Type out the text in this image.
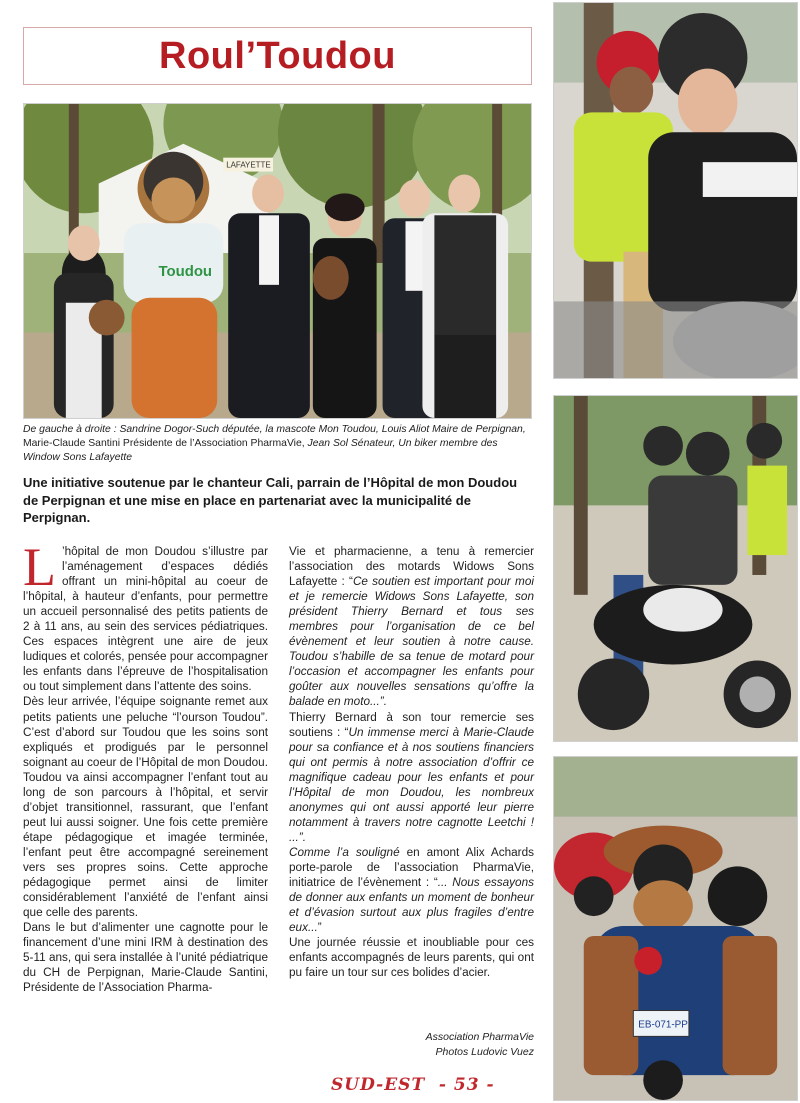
Roul’Toudou
LAFAYETTE
Toudou
EB-071-PP
De gauche à droite : Sandrine Dogor-Such députée, la mascote Mon Toudou, Louis Aliot Maire de Perpignan, Marie-Claude Santini Présidente de l’Association PharmaVie, Jean Sol Sénateur, Un biker membre des Window Sons Lafayette
Une initiative soutenue par le chanteur Cali, parrain de l’Hôpital de mon Doudou de Perpignan et une mise en place en partenariat avec la municipalité de Perpignan.

L ’hôpital de mon Doudou s’illustre par l’aménagement d’espaces dédiés offrant un mini-hôpital au coeur de l’hôpital, à hauteur d’enfants, pour permettre un accueil personnalisé des petits patients de 2 à 11 ans, au sein des services pédiatriques. Ces espaces intègrent une aire de jeux ludiques et colorés, pensée pour accompagner les enfants dans l’épreuve de l’hospitalisation ou tout simplement dans l’attente des soins.

Dès leur arrivée, l’équipe soignante remet aux petits patients une peluche “l’ourson Toudou”. C’est d’abord sur Toudou que les soins sont expliqués et prodigués par le personnel soignant au coeur de l’Hôpital de mon Doudou. Toudou va ainsi accompagner l’enfant tout au long de son parcours à l’hôpital, et servir d’objet transitionnel, rassurant, que l’enfant peut lui aussi soigner. Une fois cette première étape pédagogique et imagée terminée, l’enfant peut être accompagné sereinement vers ses propres soins. Cette approche pédagogique permet ainsi de limiter considérablement l’anxiété de l’enfant ainsi que celle des parents.

Dans le but d’alimenter une cagnotte pour le financement d’une mini IRM à destination des 5-11 ans, qui sera installée à l’unité pédiatrique du CH de Perpignan, Marie-Claude Santini, Présidente de l’Association Pharma-

Vie et pharmacienne, a tenu à remercier l’association des motards Widows Sons Lafayette : “Ce soutien est important pour moi et je remercie Widows Sons Lafayette, son président Thierry Bernard et tous ses membres pour l’organisation de ce bel évènement et leur soutien à notre cause. Toudou s’habille de sa tenue de motard pour l’occasion et accompagner les enfants pour goûter aux nouvelles sensations qu’offre la balade en moto...”.

Thierry Bernard à son tour remercie ses soutiens : “Un immense merci à Marie-Claude pour sa confiance et à nos soutiens financiers qui ont permis à notre association d’offrir ce magnifique cadeau pour les enfants et pour l’Hôpital de mon Doudou, les nombreux anonymes qui ont aussi apporté leur pierre notamment à travers notre cagnotte Leetchi ! ...”.

Comme l’a souligné en amont Alix Achards porte-parole de l’association PharmaVie, initiatrice de l’évènement : “... Nous essayons de donner aux enfants un moment de bonheur et d’évasion surtout aux plus fragiles d’entre eux...”

Une journée réussie et inoubliable pour ces enfants accompagnés de leurs parents, qui ont pu faire un tour sur ces bolides d’acier.

Association PharmaVie
Photos Ludovic Vuez
SUD-EST  - 53 -
